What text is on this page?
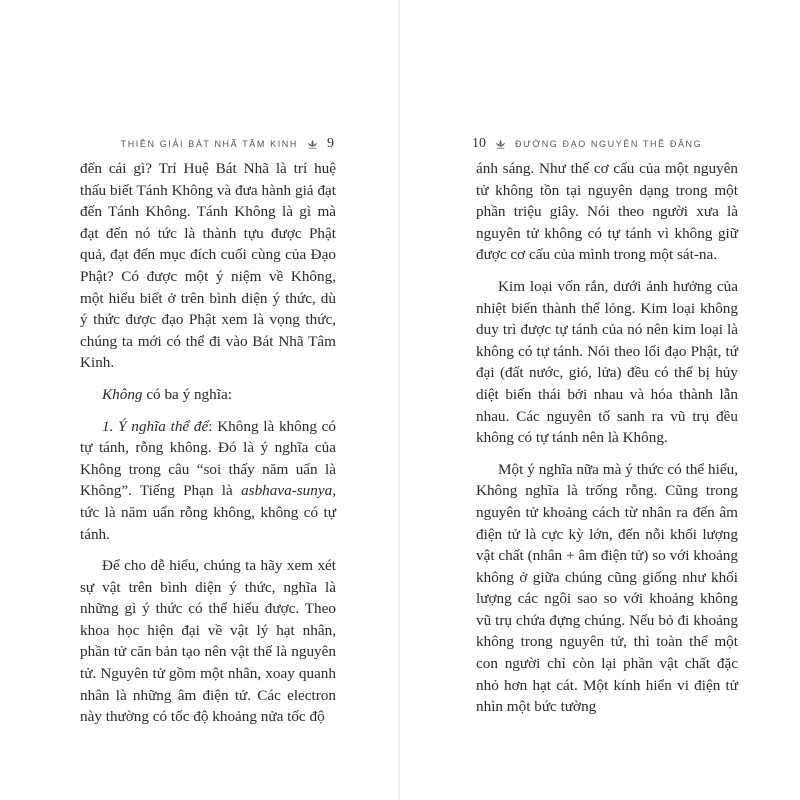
THIỀN GIẢI BÁT NHÃ TÂM KINH 9

đến cái gì? Trí Huệ Bát Nhã là trí huệ thấu biết Tánh Không và đưa hành giả đạt đến Tánh Không. Tánh Không là gì mà đạt đến nó tức là thành tựu được Phật quả, đạt đến mục đích cuối cùng của Đạo Phật? Có được một ý niệm về Không, một hiểu biết ở trên bình diện ý thức, dù ý thức được đạo Phật xem là vọng thức, chúng ta mới có thể đi vào Bát Nhã Tâm Kinh.

Không có ba ý nghĩa:

1. Ý nghĩa thể để: Không là không có tự tánh, rỗng không. Đó là ý nghĩa của Không trong câu “soi thấy năm uẩn là Không”. Tiếng Phạn là asbhava-sunya, tức là năm uẩn rỗng không, không có tự tánh.

Để cho dễ hiểu, chúng ta hãy xem xét sự vật trên bình diện ý thức, nghĩa là những gì ý thức có thể hiểu được. Theo khoa học hiện đại về vật lý hạt nhân, phần tử căn bản tạo nên vật thể là nguyên tử. Nguyên tử gồm một nhân, xoay quanh nhân là những âm điện tử. Các electron này thường có tốc độ khoảng nửa tốc độ

10	ĐƯỜNG ĐẠO NGUYÊN THỂ ĐĂNG

ánh sáng. Như thế cơ cấu của một nguyên tử không tồn tại nguyên dạng trong một phần triệu giây. Nói theo người xưa là nguyên tử không có tự tánh vì không giữ được cơ cấu của mình trong một sát-na.

Kim loại vốn rắn, dưới ảnh hưởng của nhiệt biến thành thể lỏng. Kim loại không duy trì được tự tánh của nó nên kim loại là không có tự tánh. Nói theo lối đạo Phật, tứ đại (đất nước, gió, lửa) đều có thể bị hủy diệt biến thái bởi nhau và hóa thành lẫn nhau. Các nguyên tố sanh ra vũ trụ đều không có tự tánh nên là Không.

Một ý nghĩa nữa mà ý thức có thể hiểu, Không nghĩa là trống rỗng. Cũng trong nguyên tử khoảng cách từ nhân ra đến âm điện tử là cực kỳ lớn, đến nỗi khối lượng vật chất (nhân + âm điện tử) so với khoảng không ở giữa chúng cũng giống như khối lượng các ngôi sao so với khoảng không vũ trụ chứa đựng chúng. Nếu bỏ đi khoảng không trong nguyên tử, thì toàn thể một con người chỉ còn lại phần vật chất đặc nhỏ hơn hạt cát. Một kính hiển vi điện tử nhìn một bức tường
